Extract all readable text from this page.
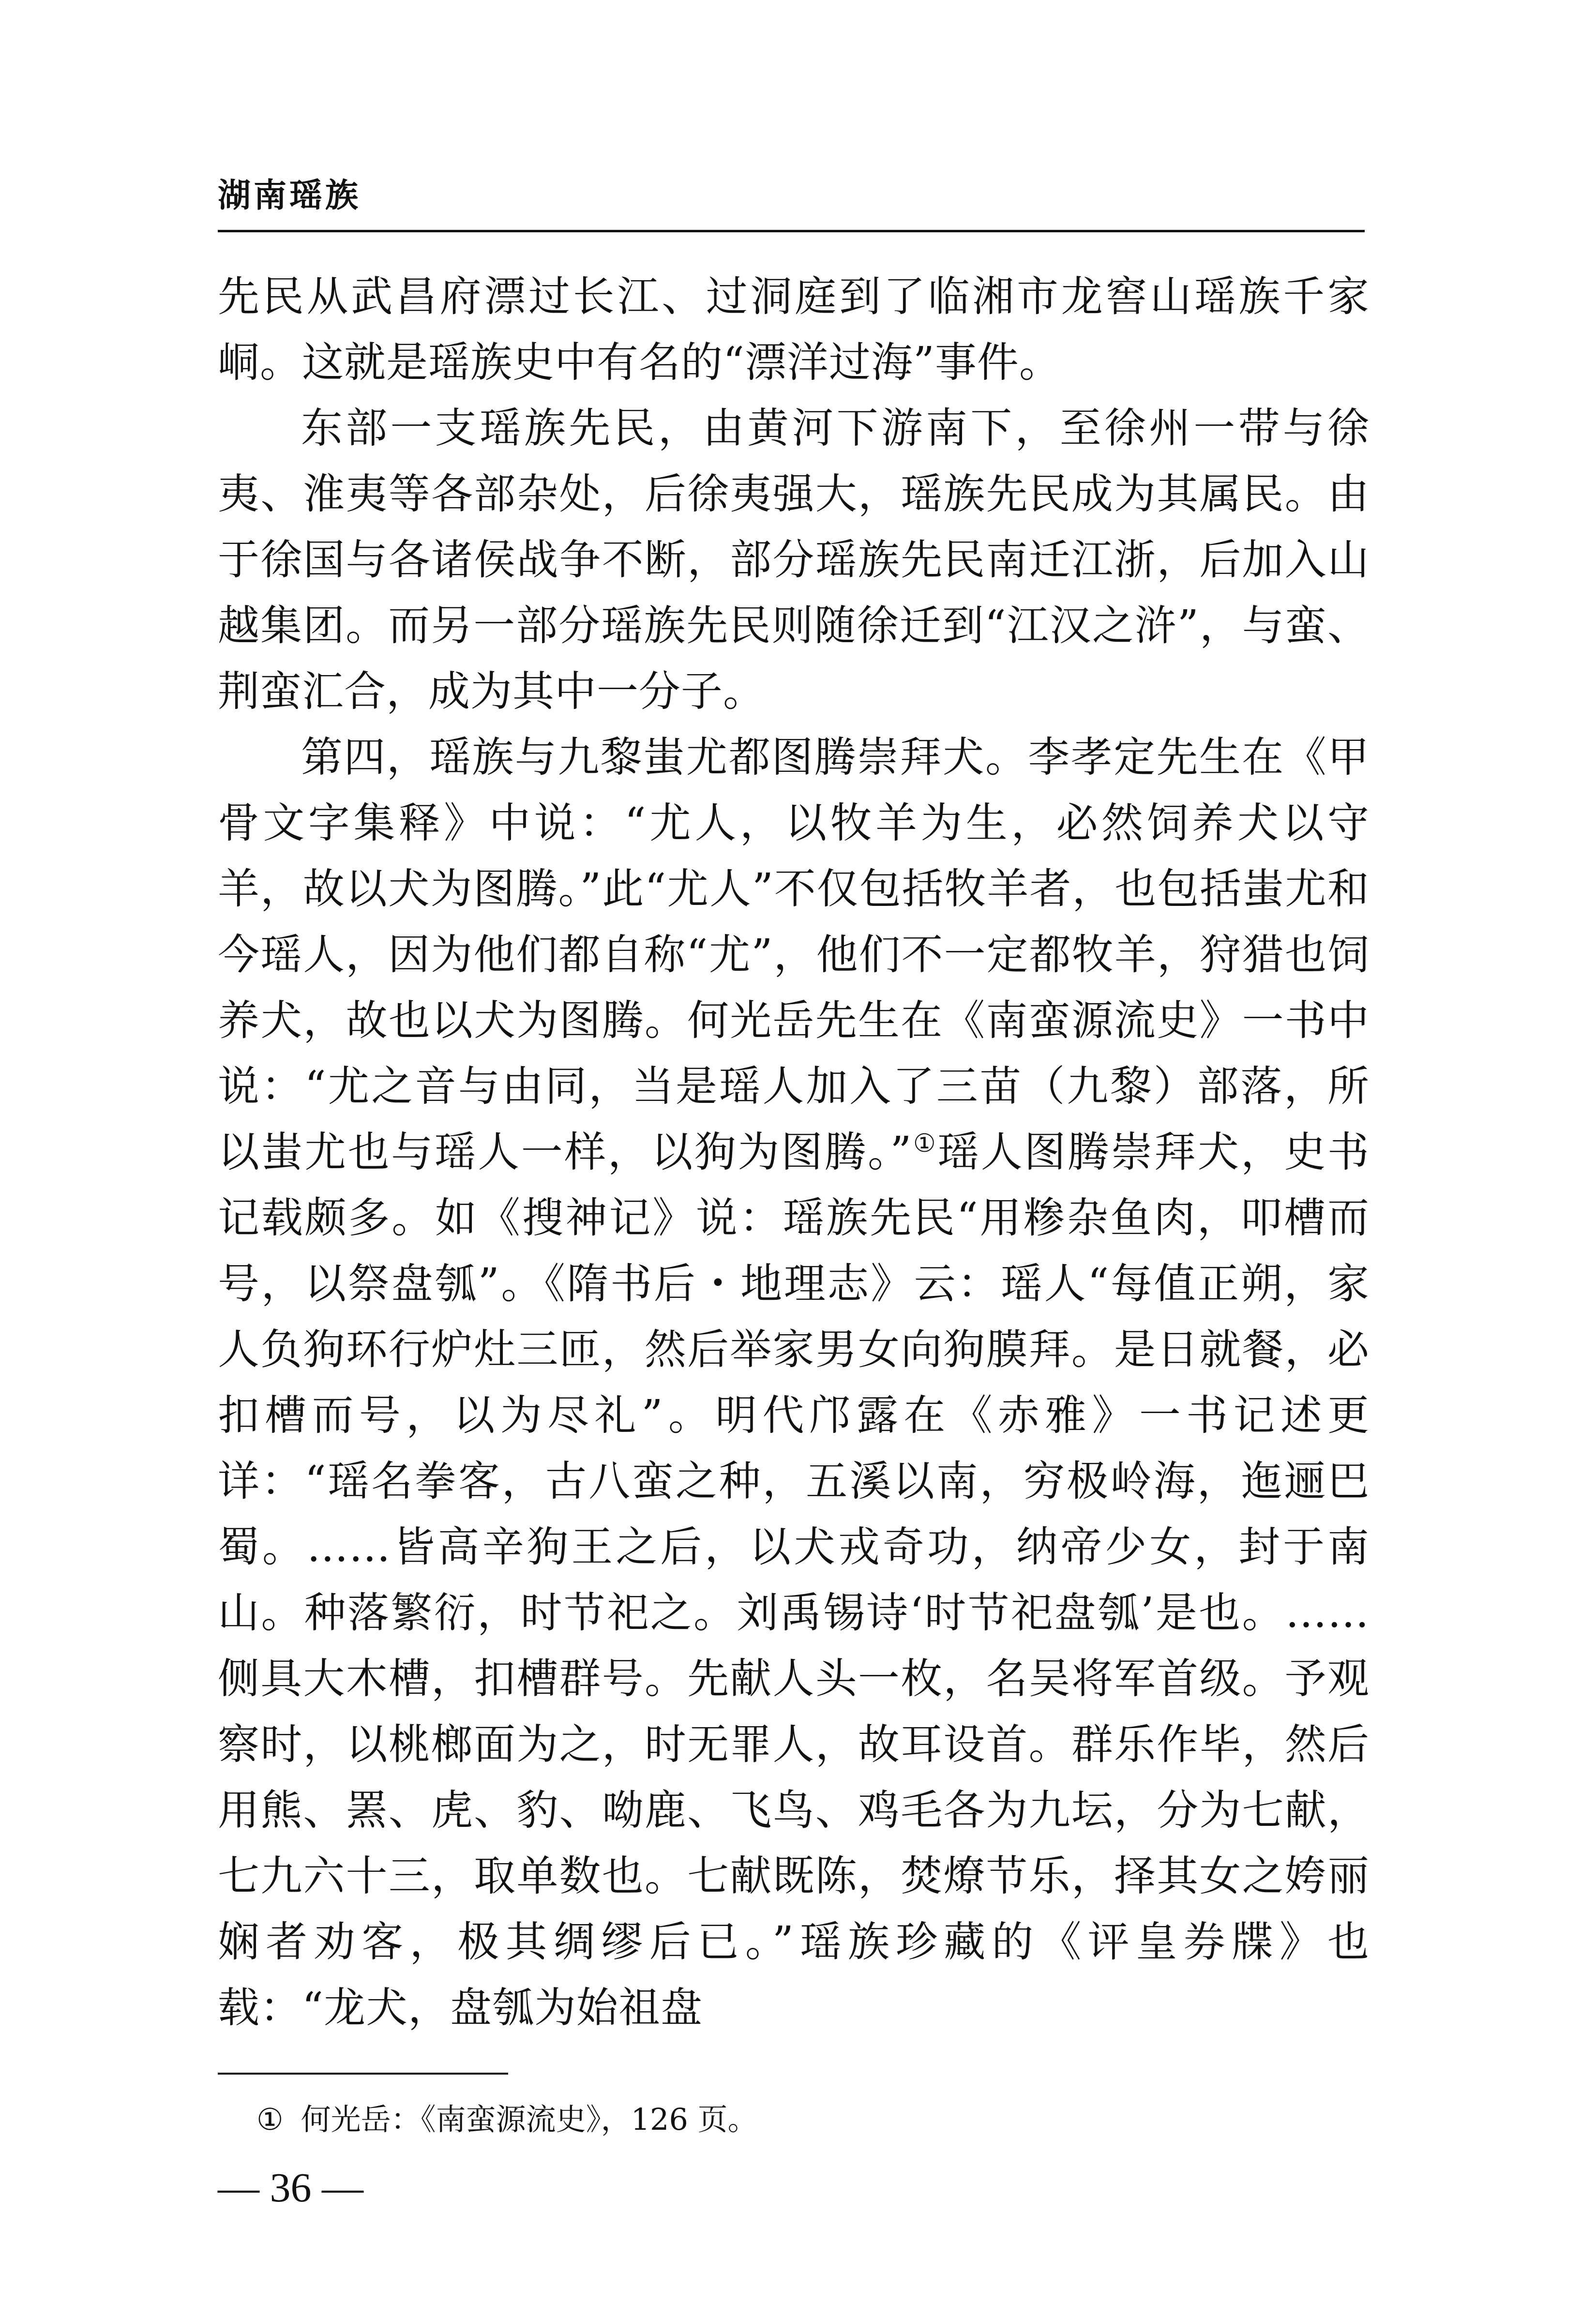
湖南瑶族

先民从武昌府漂过长江、过洞庭到了临湘市龙窖山瑶族千家峒。这就是瑶族史中有名的“漂洋过海”事件。

东部一支瑶族先民，由黄河下游南下，至徐州一带与徐夷、淮夷等各部杂处，后徐夷强大，瑶族先民成为其属民。由于徐国与各诸侯战争不断，部分瑶族先民南迁江浙，后加入山越集团。而另一部分瑶族先民则随徐迁到“江汉之浒”，与蛮、荆蛮汇合，成为其中一分子。

第四，瑶族与九黎蚩尤都图腾崇拜犬。李孝定先生在《甲骨文字集释》中说：“尤人，以牧羊为生，必然饲养犬以守羊，故以犬为图腾。”此“尤人”不仅包括牧羊者，也包括蚩尤和今瑶人，因为他们都自称“尤”，他们不一定都牧羊，狩猎也饲养犬，故也以犬为图腾。何光岳先生在《南蛮源流史》一书中说：“尤之音与由同，当是瑶人加入了三苗（九黎）部落，所以蚩尤也与瑶人一样，以狗为图腾。”①瑶人图腾崇拜犬，史书记载颇多。如《搜神记》说：瑶族先民“用糁杂鱼肉，叩槽而号，以祭盘瓠”。《隋书后・地理志》云：瑶人“每值正朔，家人负狗环行炉灶三匝，然后举家男女向狗膜拜。是日就餐，必扣槽而号，以为尽礼”。明代邝露在《赤雅》一书记述更详：“瑶名拳客，古八蛮之种，五溪以南，穷极岭海，迤逦巴蜀。……皆高辛狗王之后，以犬戎奇功，纳帝少女，封于南山。种落繁衍，时节祀之。刘禹锡诗‘时节祀盘瓠’是也。……侧具大木槽，扣槽群号。先献人头一枚，名吴将军首级。予观察时，以桃榔面为之，时无罪人，故耳设首。群乐作毕，然后用熊、罴、虎、豹、呦鹿、飞鸟、鸡毛各为九坛，分为七献，七九六十三，取单数也。七献既陈，焚燎节乐，择其女之姱丽娴者劝客，极其绸缪后已。”瑶族珍藏的《评皇券牒》也载：“龙犬，盘瓠为始祖盘

① 何光岳：《南蛮源流史》，126 页。
— 36 —
